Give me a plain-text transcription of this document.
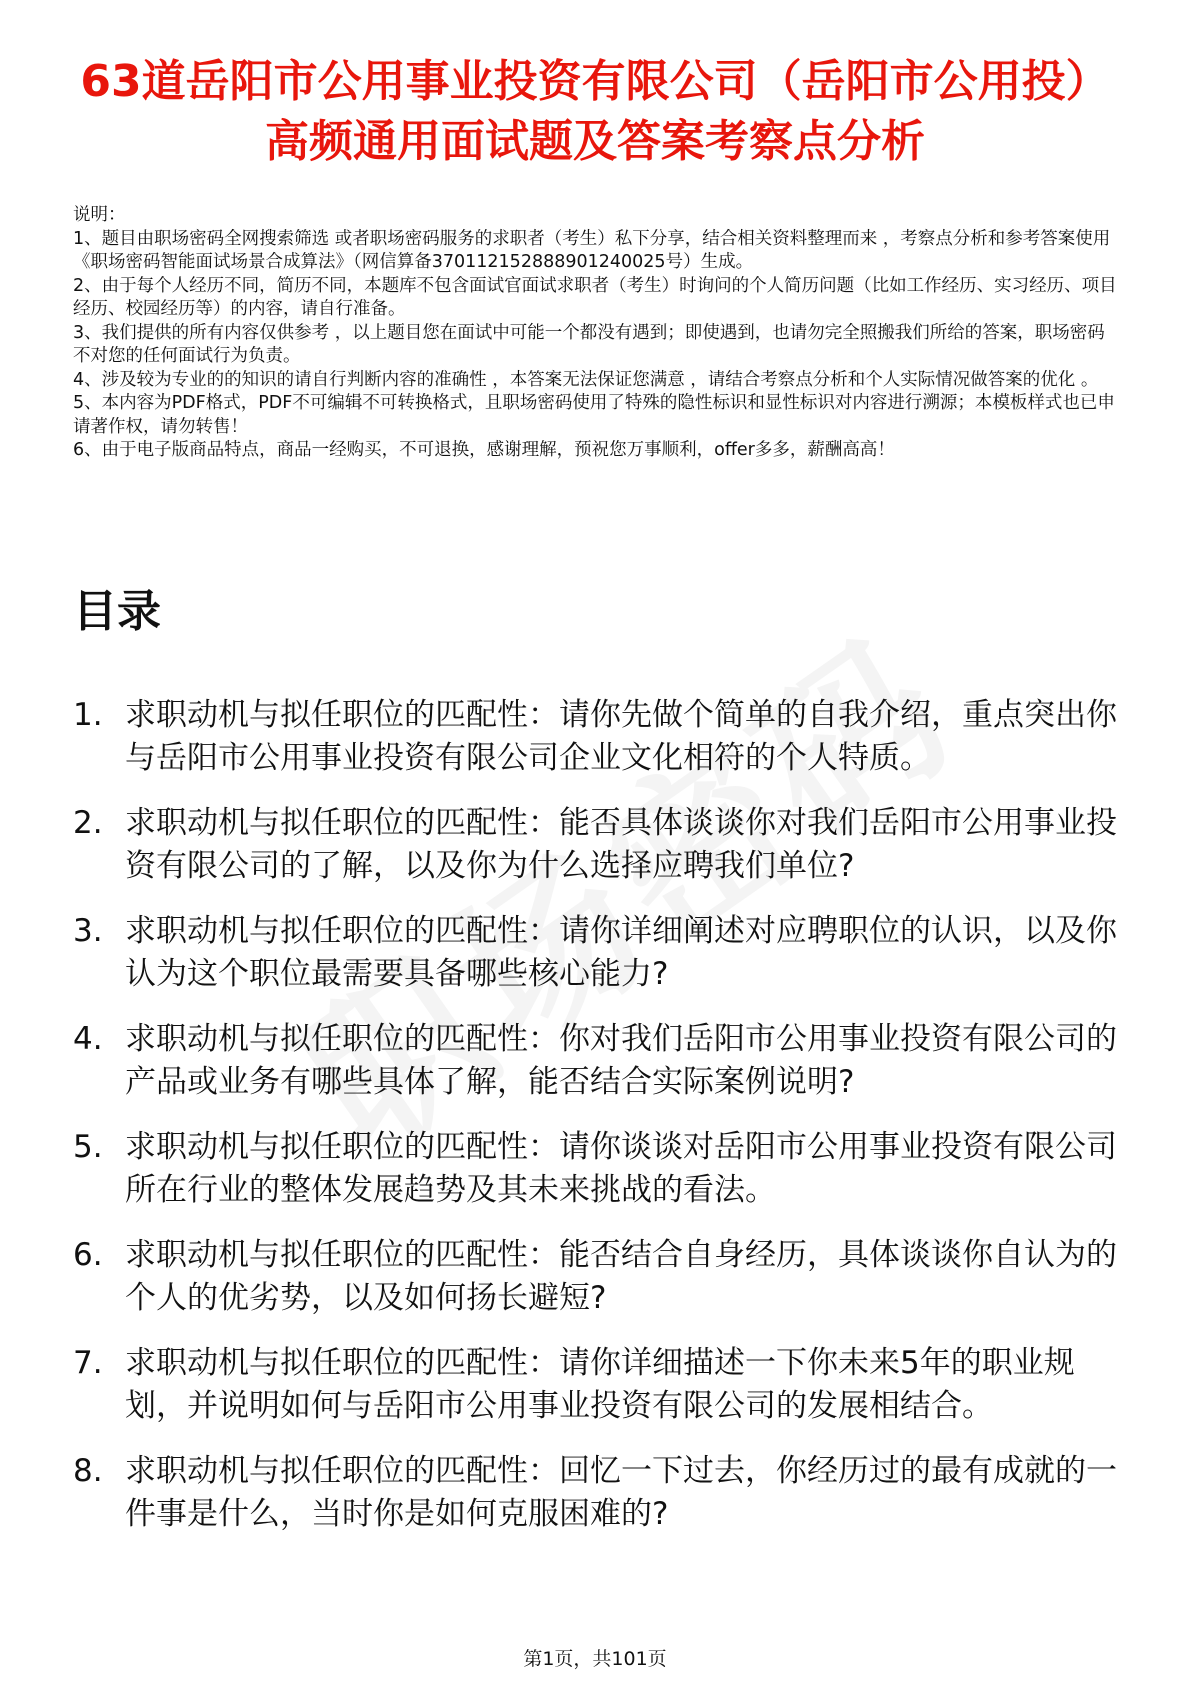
63道岳阳市公用事业投资有限公司（岳阳市公用投）高频通用面试题及答案考察点分析

说明：

1、题目由职场密码全网搜索筛选 或者职场密码服务的求职者（考生）私下分享，结合相关资料整理而来 ，考察点分析和参考答案使用《职场密码智能面试场景合成算法》（网信算备370112152888901240025号）生成。

2、由于每个人经历不同，简历不同，本题库不包含面试官面试求职者（考生）时询问的个人简历问题（比如工作经历、实习经历、项目经历、校园经历等）的内容，请自行准备。

3、我们提供的所有内容仅供参考 ，以上题目您在面试中可能一个都没有遇到；即使遇到，也请勿完全照搬我们所给的答案，职场密码不对您的任何面试行为负责。

4、涉及较为专业的的知识的请自行判断内容的准确性 ，本答案无法保证您满意 ，请结合考察点分析和个人实际情况做答案的优化 。

5、本内容为PDF格式，PDF不可编辑不可转换格式，且职场密码使用了特殊的隐性标识和显性标识对内容进行溯源；本模板样式也已申请著作权，请勿转售！

6、由于电子版商品特点，商品一经购买，不可退换，感谢理解，预祝您万事顺利，offer多多，薪酬高高！

目录
1. 求职动机与拟任职位的匹配性：请你先做个简单的自我介绍，重点突出你与岳阳市公用事业投资有限公司企业文化相符的个人特质。
2. 求职动机与拟任职位的匹配性：能否具体谈谈你对我们岳阳市公用事业投资有限公司的了解，以及你为什么选择应聘我们单位?
3. 求职动机与拟任职位的匹配性：请你详细阐述对应聘职位的认识，以及你认为这个职位最需要具备哪些核心能力?
4. 求职动机与拟任职位的匹配性：你对我们岳阳市公用事业投资有限公司的产品或业务有哪些具体了解，能否结合实际案例说明?
5. 求职动机与拟任职位的匹配性：请你谈谈对岳阳市公用事业投资有限公司所在行业的整体发展趋势及其未来挑战的看法。
6. 求职动机与拟任职位的匹配性：能否结合自身经历，具体谈谈你自认为的个人的优劣势，以及如何扬长避短?
7. 求职动机与拟任职位的匹配性：请你详细描述一下你未来5年的职业规划，并说明如何与岳阳市公用事业投资有限公司的发展相结合。
8. 求职动机与拟任职位的匹配性：回忆一下过去，你经历过的最有成就的一件事是什么，当时你是如何克服困难的?
第1页，共101页
